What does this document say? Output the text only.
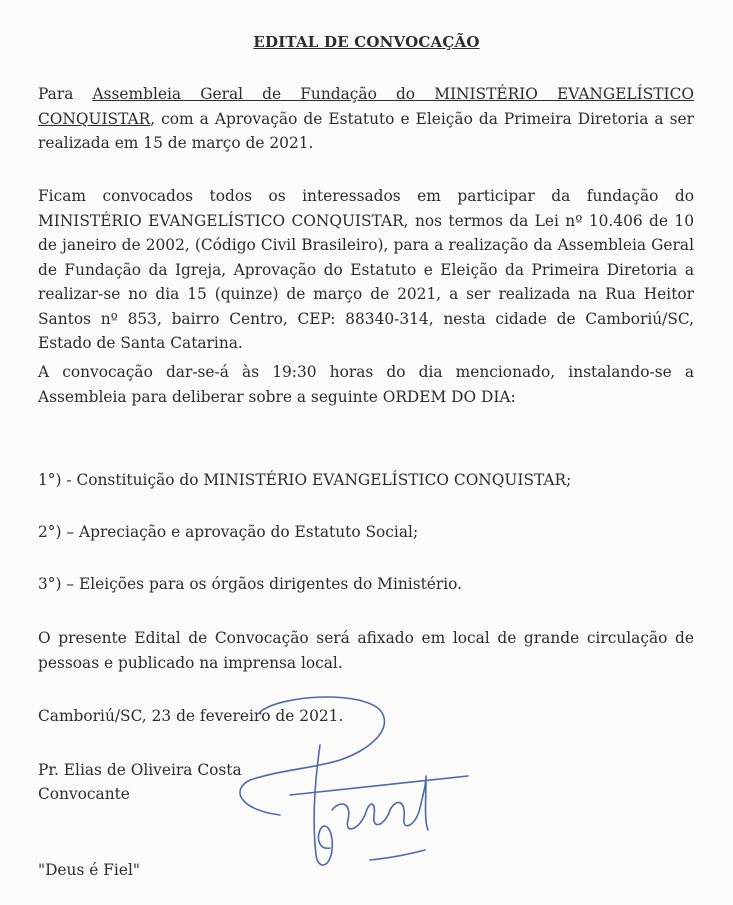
EDITAL DE CONVOCAÇÃO

Para Assembleia Geral de Fundação do MINISTÉRIO EVANGELÍSTICO CONQUISTAR, com a Aprovação de Estatuto e Eleição da Primeira Diretoria a ser realizada em 15 de março de 2021.

Ficam convocados todos os interessados em participar da fundação do MINISTÉRIO EVANGELÍSTICO CONQUISTAR, nos termos da Lei nº 10.406 de 10 de janeiro de 2002, (Código Civil Brasileiro), para a realização da Assembleia Geral de Fundação da Igreja, Aprovação do Estatuto e Eleição da Primeira Diretoria a realizar-se no dia 15 (quinze) de março de 2021, a ser realizada na Rua Heitor Santos nº 853, bairro Centro, CEP: 88340-314, nesta cidade de Camboriú/SC, Estado de Santa Catarina.

A convocação dar-se-á às 19:30 horas do dia mencionado, instalando-se a Assembleia para deliberar sobre a seguinte ORDEM DO DIA:

1°) - Constituição do MINISTÉRIO EVANGELÍSTICO CONQUISTAR;
2°) – Apreciação e aprovação do Estatuto Social;
3°) – Eleições para os órgãos dirigentes do Ministério.

O presente Edital de Convocação será afixado em local de grande circulação de pessoas e publicado na imprensa local.

Camboriú/SC, 23 de fevereiro de 2021.
Pr. Elias de Oliveira Costa
Convocante
"Deus é Fiel"
